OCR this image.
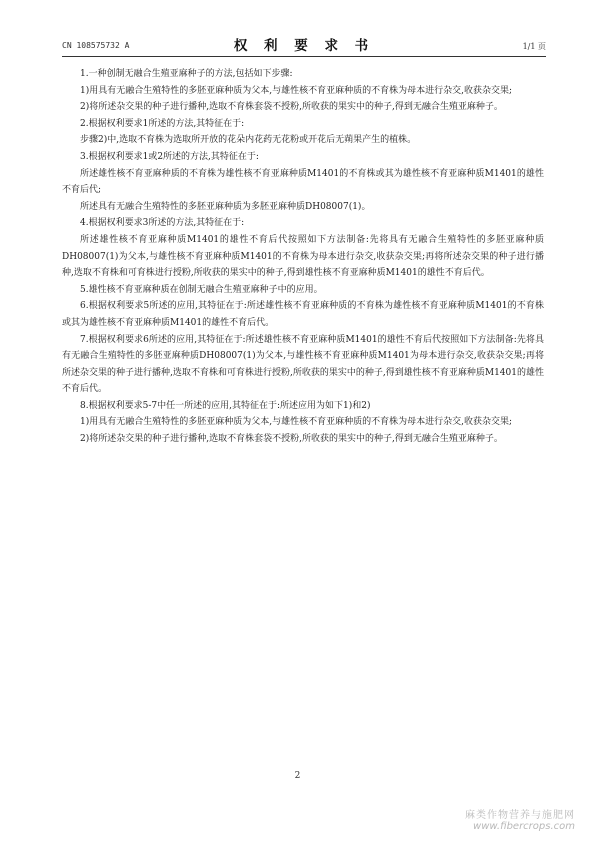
CN 108575732 A	权 利 要 求 书	1/1 页

1.一种创制无融合生殖亚麻种子的方法,包括如下步骤:

1)用具有无融合生殖特性的多胚亚麻种质为父本,与雄性核不育亚麻种质的不育株为母本进行杂交,收获杂交果;

2)将所述杂交果的种子进行播种,选取不育株套袋不授粉,所收获的果实中的种子,得到无融合生殖亚麻种子。

2.根据权利要求1所述的方法,其特征在于:

步骤2)中,选取不育株为选取所开放的花朵内花药无花粉或开花后无蒴果产生的植株。

3.根据权利要求1或2所述的方法,其特征在于:

所述雄性核不育亚麻种质的不育株为雄性核不育亚麻种质M1401的不育株或其为雄性核不育亚麻种质M1401的雄性不育后代;

所述具有无融合生殖特性的多胚亚麻种质为多胚亚麻种质DH08007(1)。

4.根据权利要求3所述的方法,其特征在于:

所述雄性核不育亚麻种质M1401的雄性不育后代按照如下方法制备:先将具有无融合生殖特性的多胚亚麻种质DH08007(1)为父本,与雄性核不育亚麻种质M1401的不育株为母本进行杂交,收获杂交果;再将所述杂交果的种子进行播种,选取不育株和可育株进行授粉,所收获的果实中的种子,得到雄性核不育亚麻种质M1401的雄性不育后代。

5.雄性核不育亚麻种质在创制无融合生殖亚麻种子中的应用。

6.根据权利要求5所述的应用,其特征在于:所述雄性核不育亚麻种质的不育株为雄性核不育亚麻种质M1401的不育株或其为雄性核不育亚麻种质M1401的雄性不育后代。

7.根据权利要求6所述的应用,其特征在于:所述雄性核不育亚麻种质M1401的雄性不育后代按照如下方法制备:先将具有无融合生殖特性的多胚亚麻种质DH08007(1)为父本,与雄性核不育亚麻种质M1401为母本进行杂交,收获杂交果;再将所述杂交果的种子进行播种,选取不育株和可育株进行授粉,所收获的果实中的种子,得到雄性核不育亚麻种质M1401的雄性不育后代。

8.根据权利要求5-7中任一所述的应用,其特征在于:所述应用为如下1)和2)

1)用具有无融合生殖特性的多胚亚麻种质为父本,与雄性核不育亚麻种质的不育株为母本进行杂交,收获杂交果;

2)将所述杂交果的种子进行播种,选取不育株套袋不授粉,所收获的果实中的种子,得到无融合生殖亚麻种子。

2
麻类作物营养与施肥网
www.fibercrops.com
